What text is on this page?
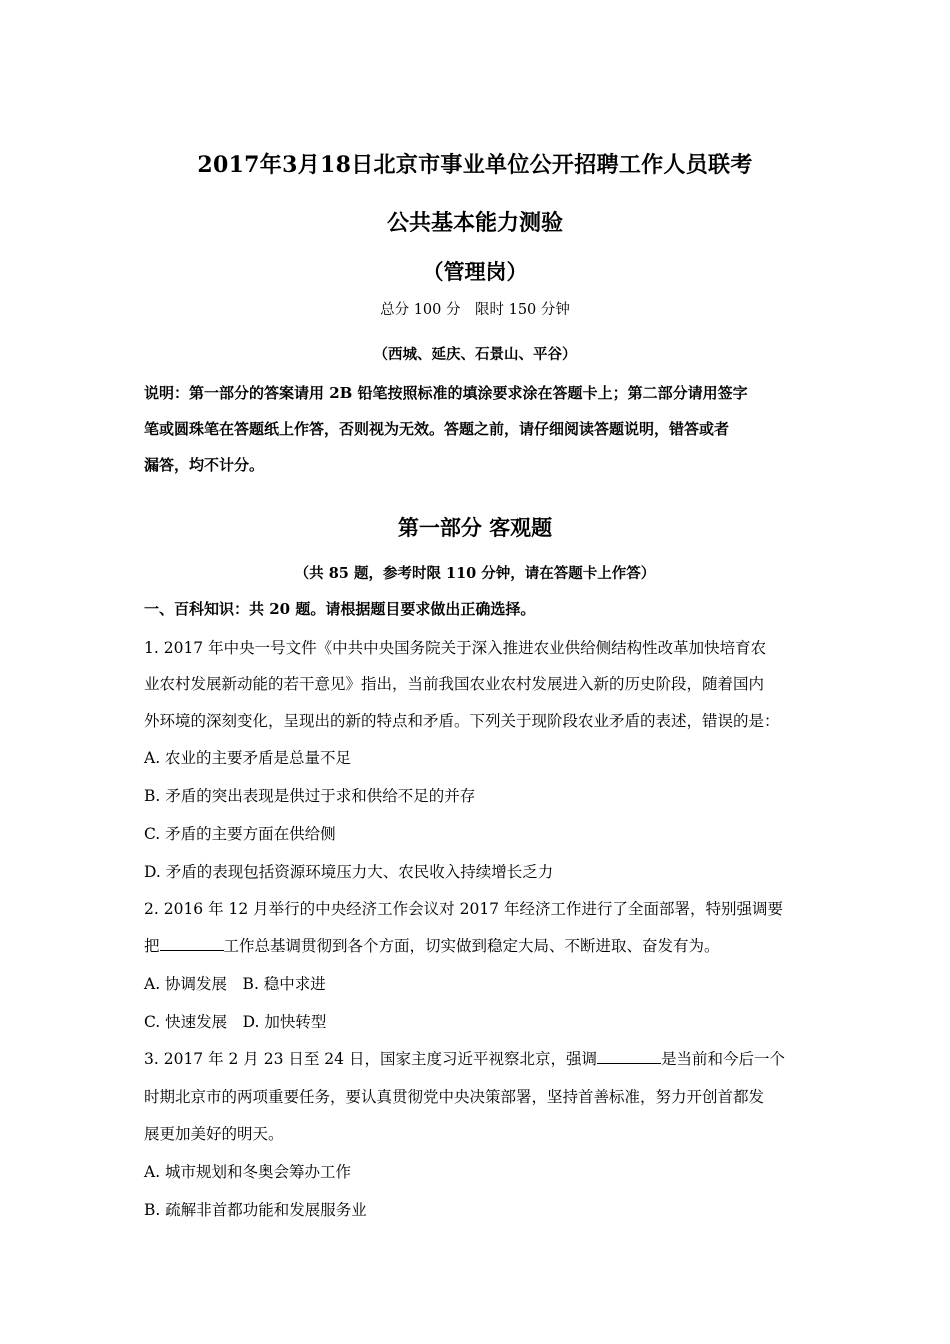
2017年3月18日北京市事业单位公开招聘工作人员联考
公共基本能力测验
（管理岗）
总分 100 分　限时 150 分钟
（西城、延庆、石景山、平谷）
说明：第一部分的答案请用 2B 铅笔按照标准的填涂要求涂在答题卡上；第二部分请用签字
笔或圆珠笔在答题纸上作答，否则视为无效。答题之前，请仔细阅读答题说明，错答或者
漏答，均不计分。
第一部分 客观题
（共 85 题，参考时限 110 分钟，请在答题卡上作答）
一、百科知识：共 20 题。请根据题目要求做出正确选择。
1. 2017 年中央一号文件《中共中央国务院关于深入推进农业供给侧结构性改革加快培育农
业农村发展新动能的若干意见》指出，当前我国农业农村发展进入新的历史阶段，随着国内
外环境的深刻变化，呈现出的新的特点和矛盾。下列关于现阶段农业矛盾的表述，错误的是：
A. 农业的主要矛盾是总量不足
B. 矛盾的突出表现是供过于求和供给不足的并存
C. 矛盾的主要方面在供给侧
D. 矛盾的表现包括资源环境压力大、农民收入持续增长乏力
2. 2016 年 12 月举行的中央经济工作会议对 2017 年经济工作进行了全面部署，特别强调要
把	工作总基调贯彻到各个方面，切实做到稳定大局、不断进取、奋发有为。
A. 协调发展　B. 稳中求进
C. 快速发展　D. 加快转型
3. 2017 年 2 月 23 日至 24 日，国家主度习近平视察北京，强调	是当前和今后一个
时期北京市的两项重要任务，要认真贯彻党中央决策部署，坚持首善标准，努力开创首都发
展更加美好的明天。
A. 城市规划和冬奥会筹办工作
B. 疏解非首都功能和发展服务业
